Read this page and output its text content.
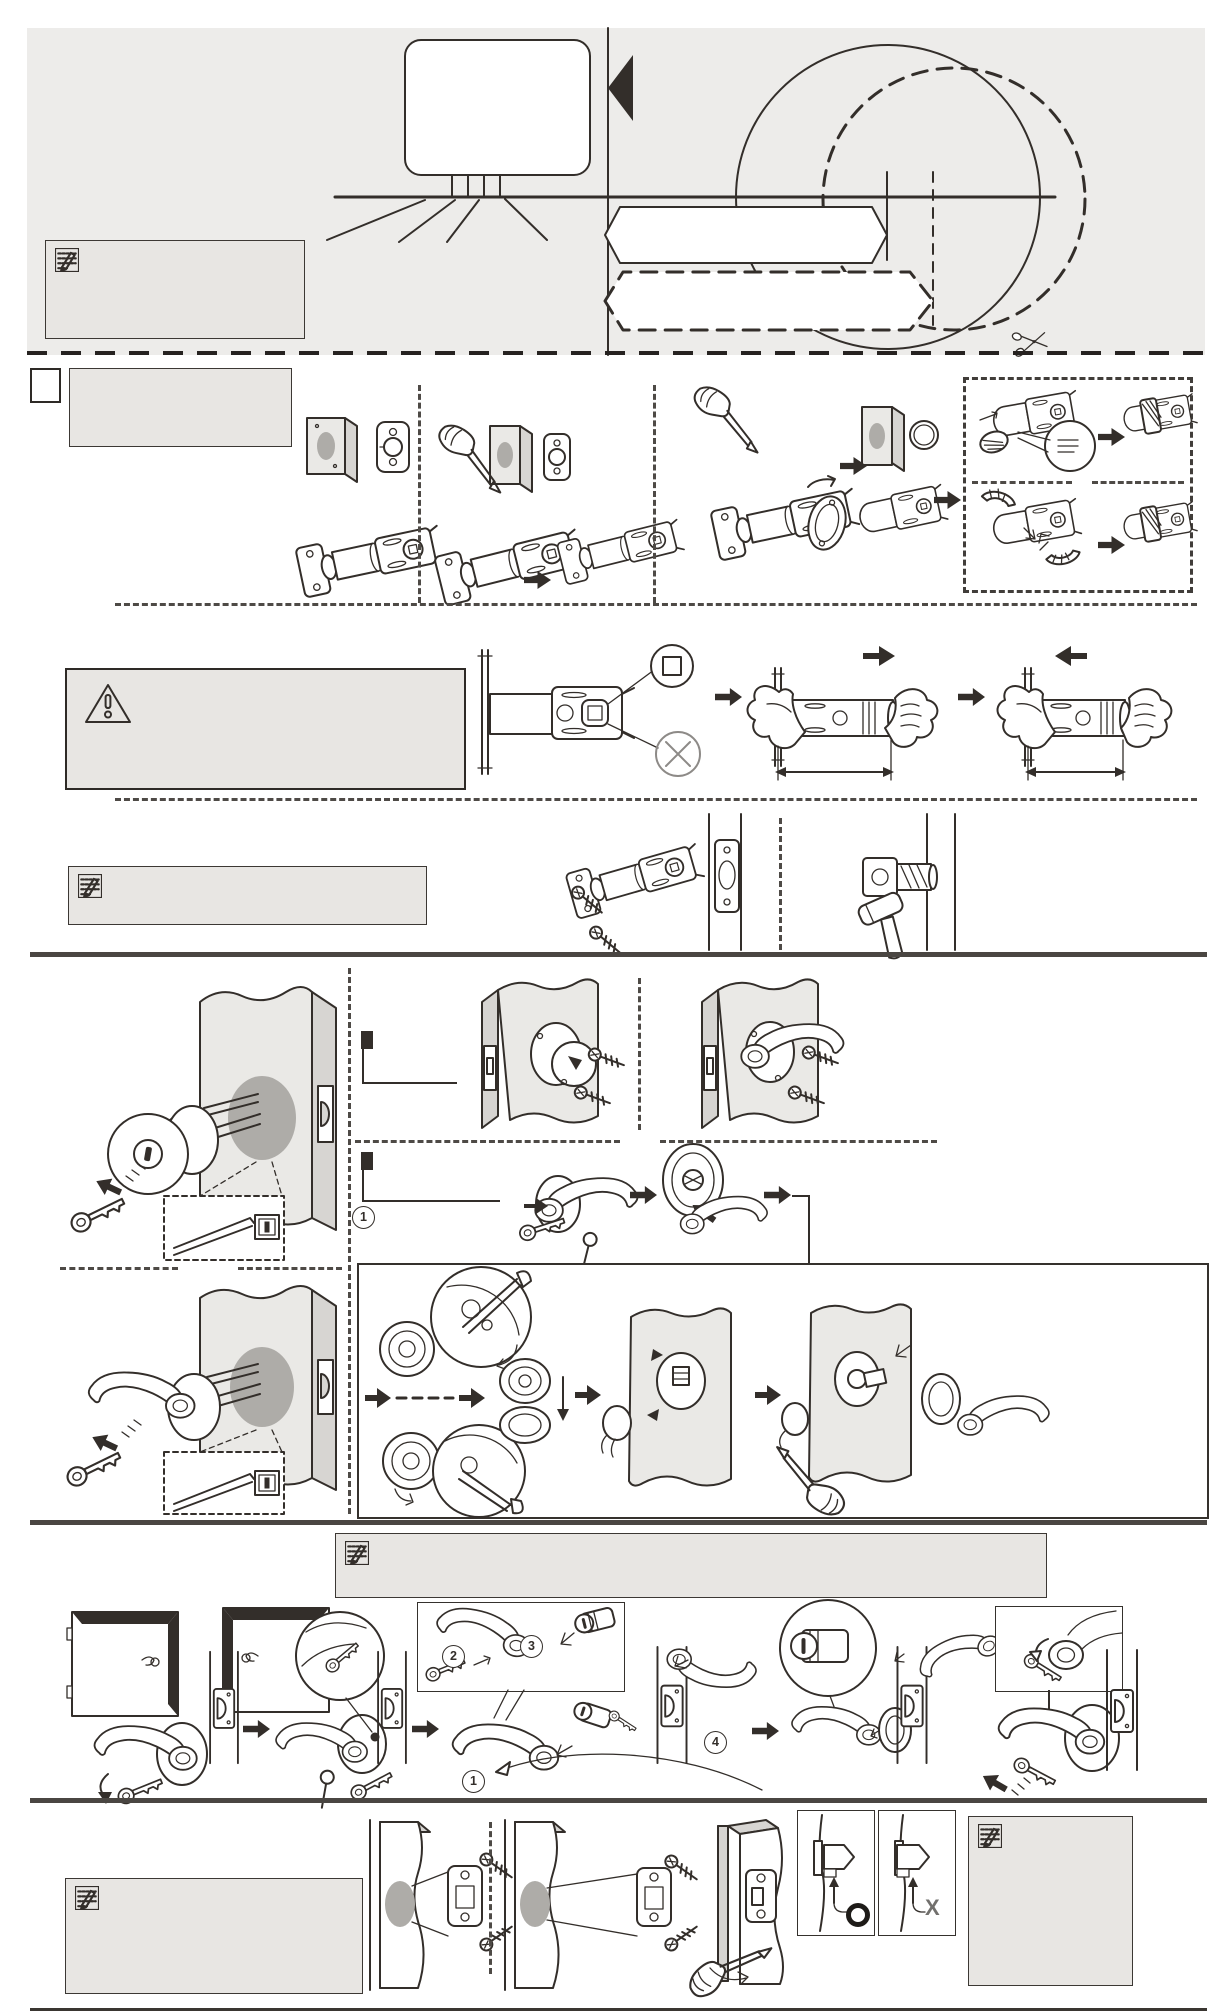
1
2
3
1
4
X
